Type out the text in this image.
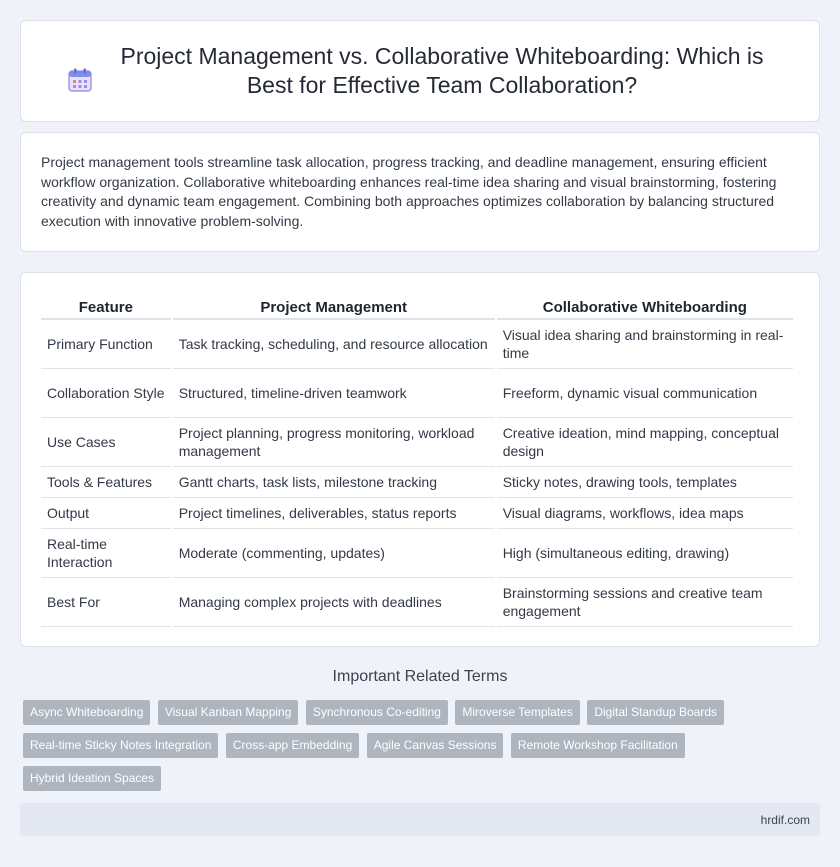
Project Management vs. Collaborative Whiteboarding: Which is Best for Effective Team Collaboration?

Project management tools streamline task allocation, progress tracking, and deadline management, ensuring efficient workflow organization. Collaborative whiteboarding enhances real-time idea sharing and visual brainstorming, fostering creativity and dynamic team engagement. Combining both approaches optimizes collaboration by balancing structured execution with innovative problem-solving.

Feature	Project Management	Collaborative Whiteboarding
Primary Function	Task tracking, scheduling, and resource allocation	Visual idea sharing and brainstorming in real-time
Collaboration Style	Structured, timeline-driven teamwork	Freeform, dynamic visual communication
Use Cases	Project planning, progress monitoring, workload management	Creative ideation, mind mapping, conceptual design
Tools & Features	Gantt charts, task lists, milestone tracking	Sticky notes, drawing tools, templates
Output	Project timelines, deliverables, status reports	Visual diagrams, workflows, idea maps
Real-time Interaction	Moderate (commenting, updates)	High (simultaneous editing, drawing)
Best For	Managing complex projects with deadlines	Brainstorming sessions and creative team engagement
Important Related Terms
Async Whiteboarding Visual Kanban Mapping Synchronous Co-editing Miroverse Templates Digital Standup Boards Real-time Sticky Notes Integration Cross-app Embedding Agile Canvas Sessions Remote Workshop Facilitation Hybrid Ideation Spaces
hrdif.com
